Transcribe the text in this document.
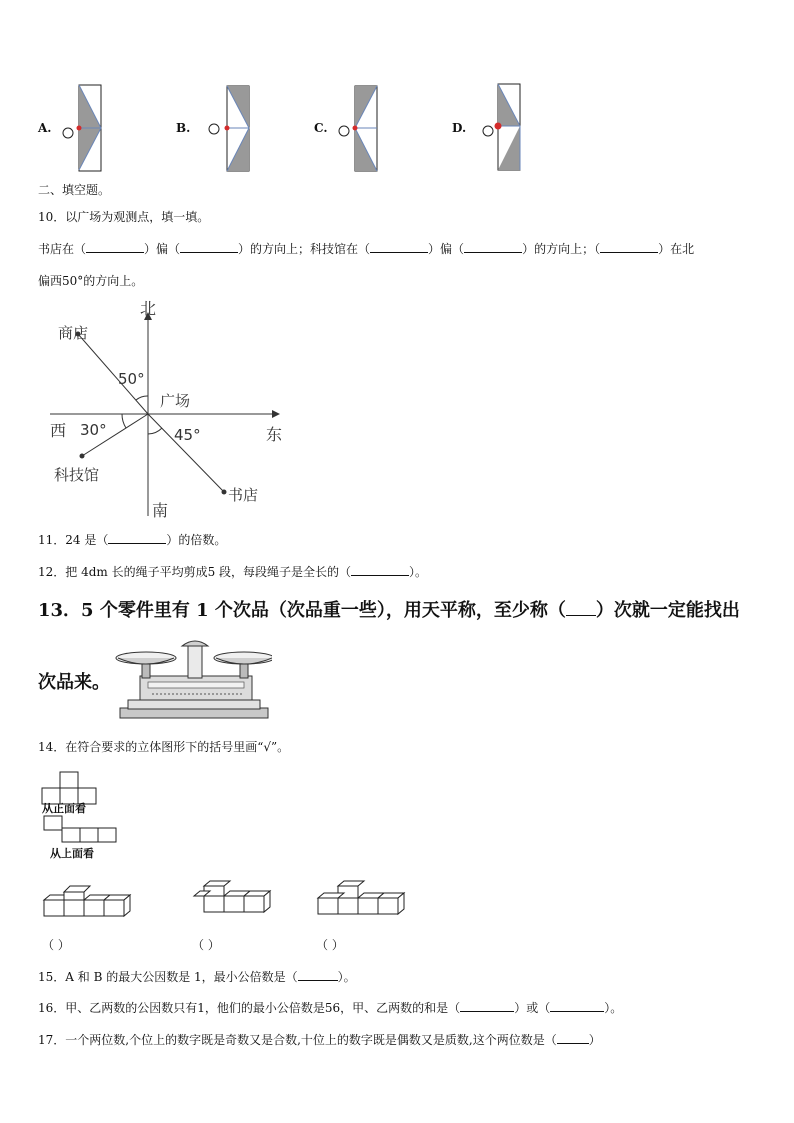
A.	B.	C.	D.
二、填空题。
10．以广场为观测点，填一填。
书店在（	）偏（	）的方向上；科技馆在（	）偏（	）的方向上；（	）在北
偏西50°的方向上。
北
南
西	东
广场
商店
科技馆
书店
50°
30°	45°
11．24 是（	）的倍数。
12．把 4dm 长的绳子平均剪成5 段，每段绳子是全长的（	）。
13．5 个零件里有 1 个次品（次品重一些），用天平称，至少称（ ）次就一定能找出
次品来。
14．在符合要求的立体图形下的括号里画“√”。
从正面看
从上面看
（ ）	（ ）	（ ）
15．A 和 B 的最大公因数是 1，最小公倍数是（	）。
16．甲、乙两数的公因数只有1，他们的最小公倍数是56，甲、乙两数的和是（	）或（	）。
17．一个两位数,个位上的数字既是奇数又是合数,十位上的数字既是偶数又是质数,这个两位数是（	）
